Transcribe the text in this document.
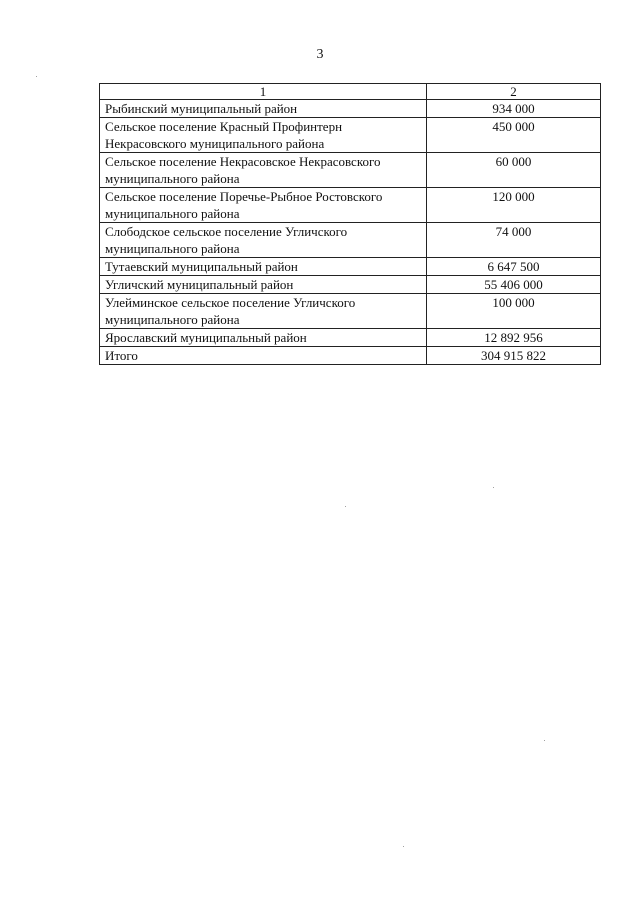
3
1	2
Рыбинский муниципальный район	934 000
Сельское поселение Красный Профинтерн Некрасовского муниципального района	450 000
Сельское поселение Некрасовское Некрасовского муниципального района	60 000
Сельское поселение Поречье-Рыбное Ростовского муниципального района	120 000
Слободское сельское поселение Угличского муниципального района	74 000
Тутаевский муниципальный район	6 647 500
Угличский муниципальный район	55 406 000
Улейминское сельское поселение Угличского муниципального района	100 000
Ярославский муниципальный район	12 892 956
Итого	304 915 822
